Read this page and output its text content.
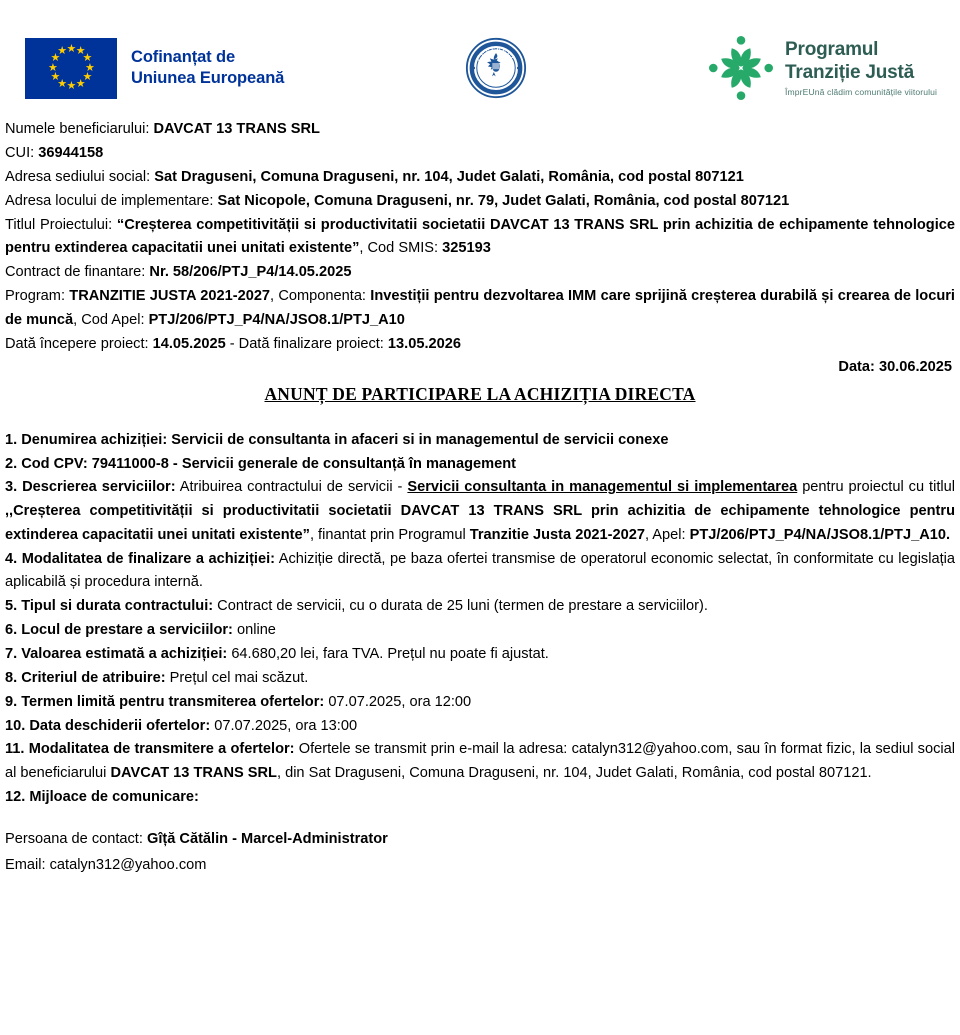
★ ★
★
★
★
★
★
★
★
★
★
★	Cofinanțat de
Uniunea Europeană
GUVERNUL
ROMÂNIEI
Programul
Tranziție Justă
ÎmprEUnă clădim comunitățile viitorului

Numele beneficiarului: DAVCAT 13 TRANS SRL

CUI: 36944158

Adresa sediului social: Sat Draguseni, Comuna Draguseni, nr. 104, Judet Galati, România, cod postal 807121

Adresa locului de implementare: Sat Nicopole, Comuna Draguseni, nr. 79, Judet Galati, România, cod postal 807121

Titlul Proiectului: “Creșterea competitivității si productivitatii societatii DAVCAT 13 TRANS SRL prin achizitia de echipamente tehnologice pentru extinderea capacitatii unei unitati existente”, Cod SMIS: 325193

Contract de finantare: Nr. 58/206/PTJ_P4/14.05.2025

Program: TRANZITIE JUSTA 2021-2027, Componenta: Investiții pentru dezvoltarea IMM care sprijină creșterea durabilă și crearea de locuri de muncă, Cod Apel: PTJ/206/PTJ_P4/NA/JSO8.1/PTJ_A10

Dată începere proiect: 14.05.2025 - Dată finalizare proiect: 13.05.2026

Data: 30.06.2025

ANUNȚ DE PARTICIPARE LA ACHIZIȚIA DIRECTA

1. Denumirea achiziției: Servicii de consultanta in afaceri si in managementul de servicii conexe

2. Cod CPV: 79411000-8 - Servicii generale de consultanță în management

3. Descrierea serviciilor: Atribuirea contractului de servicii - Servicii consultanta in managementul si implementarea pentru proiectul cu titlul ,,Creșterea competitivității si productivitatii societatii DAVCAT 13 TRANS SRL prin achizitia de echipamente tehnologice pentru extinderea capacitatii unei unitati existente”, finantat prin Programul Tranzitie Justa 2021-2027, Apel: PTJ/206/PTJ_P4/NA/JSO8.1/PTJ_A10.

4. Modalitatea de finalizare a achiziției: Achiziție directă, pe baza ofertei transmise de operatorul economic selectat, în conformitate cu legislația aplicabilă și procedura internă.

5. Tipul si durata contractului: Contract de servicii, cu o durata de 25 luni (termen de prestare a serviciilor).

6. Locul de prestare a serviciilor: online

7. Valoarea estimată a achiziției: 64.680,20 lei, fara TVA. Prețul nu poate fi ajustat.

8. Criteriul de atribuire: Prețul cel mai scăzut.

9. Termen limită pentru transmiterea ofertelor: 07.07.2025, ora 12:00

10. Data deschiderii ofertelor: 07.07.2025, ora 13:00

11. Modalitatea de transmitere a ofertelor: Ofertele se transmit prin e-mail la adresa: catalyn312@yahoo.com, sau în format fizic, la sediul social al beneficiarului DAVCAT 13 TRANS SRL, din Sat Draguseni, Comuna Draguseni, nr. 104, Judet Galati, România, cod postal 807121.

12. Mijloace de comunicare:

Persoana de contact: Gîță Cătălin - Marcel-Administrator

Email: catalyn312@yahoo.com
